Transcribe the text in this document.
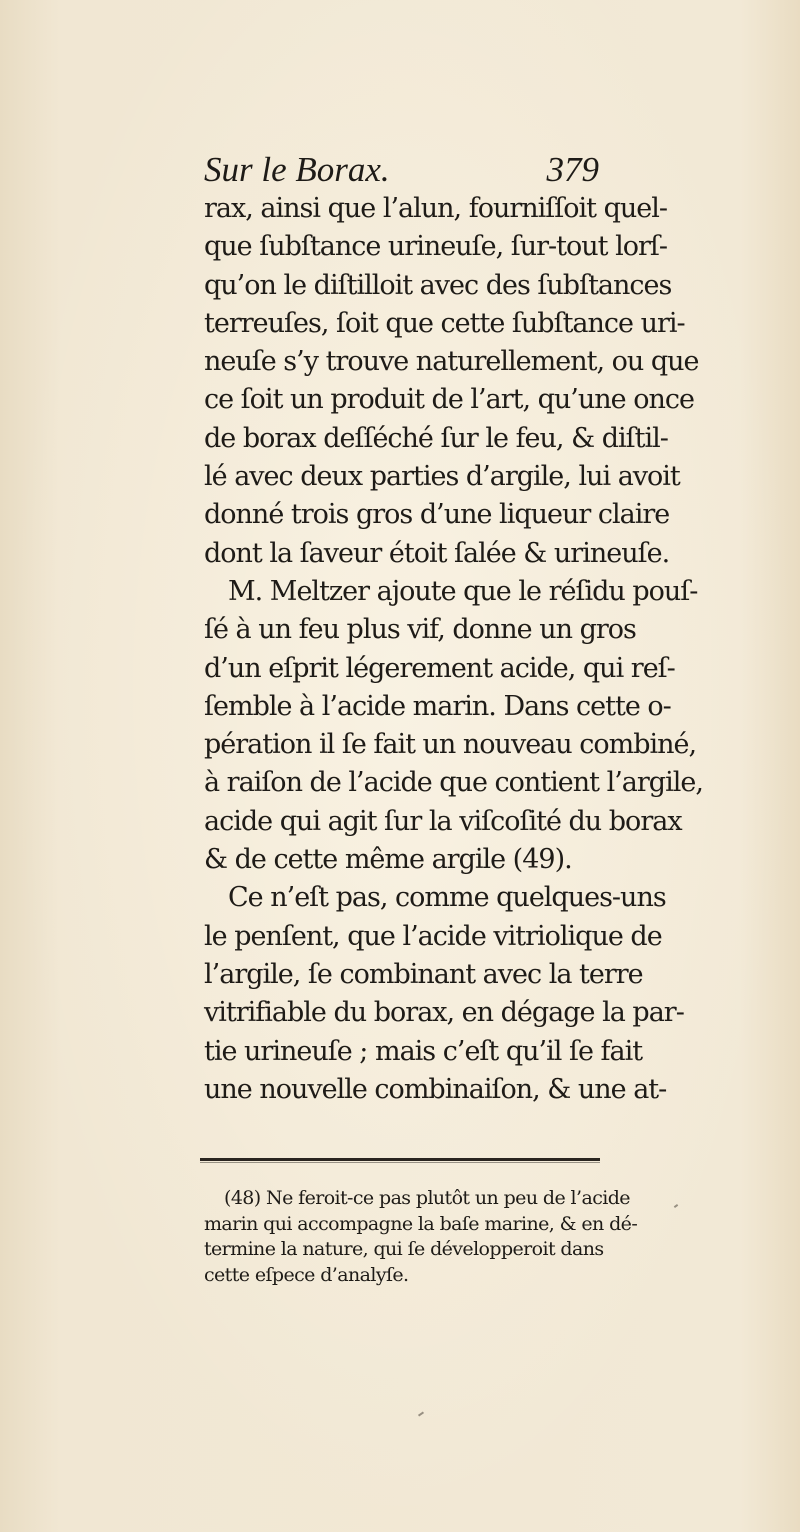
Sur le Borax.	379
rax, ainsi que l’alun, fourniſſoit quel-
que ſubſtance urineuſe, ſur-tout lorſ-
qu’on le diſtilloit avec des ſubſtances
terreuſes, ſoit que cette ſubſtance uri-
neuſe s’y trouve naturellement, ou que
ce ſoit un produit de l’art, qu’une once
de borax deſſéché ſur le feu, & diſtil-
lé avec deux parties d’argile, lui avoit
donné trois gros d’une liqueur claire
dont la ſaveur étoit ſalée & urineuſe.
M. Meltzer ajoute que le réſidu pouſ-
ſé à un feu plus vif, donne un gros
d’un eſprit légerement acide, qui reſ-
ſemble à l’acide marin. Dans cette o-
pération il ſe fait un nouveau combiné,
à raiſon de l’acide que contient l’argile,
acide qui agit ſur la viſcoſité du borax
& de cette même argile (49).
Ce n’eſt pas, comme quelques-uns
le penſent, que l’acide vitriolique de
l’argile, ſe combinant avec la terre
vitrifiable du borax, en dégage la par-
tie urineuſe ; mais c’eſt qu’il ſe fait
une nouvelle combinaiſon, & une at-
(48) Ne feroit-ce pas plutôt un peu de l’acide
marin qui accompagne la baſe marine, & en dé-
termine la nature, qui ſe développeroit dans
cette eſpece d’analyſe.
